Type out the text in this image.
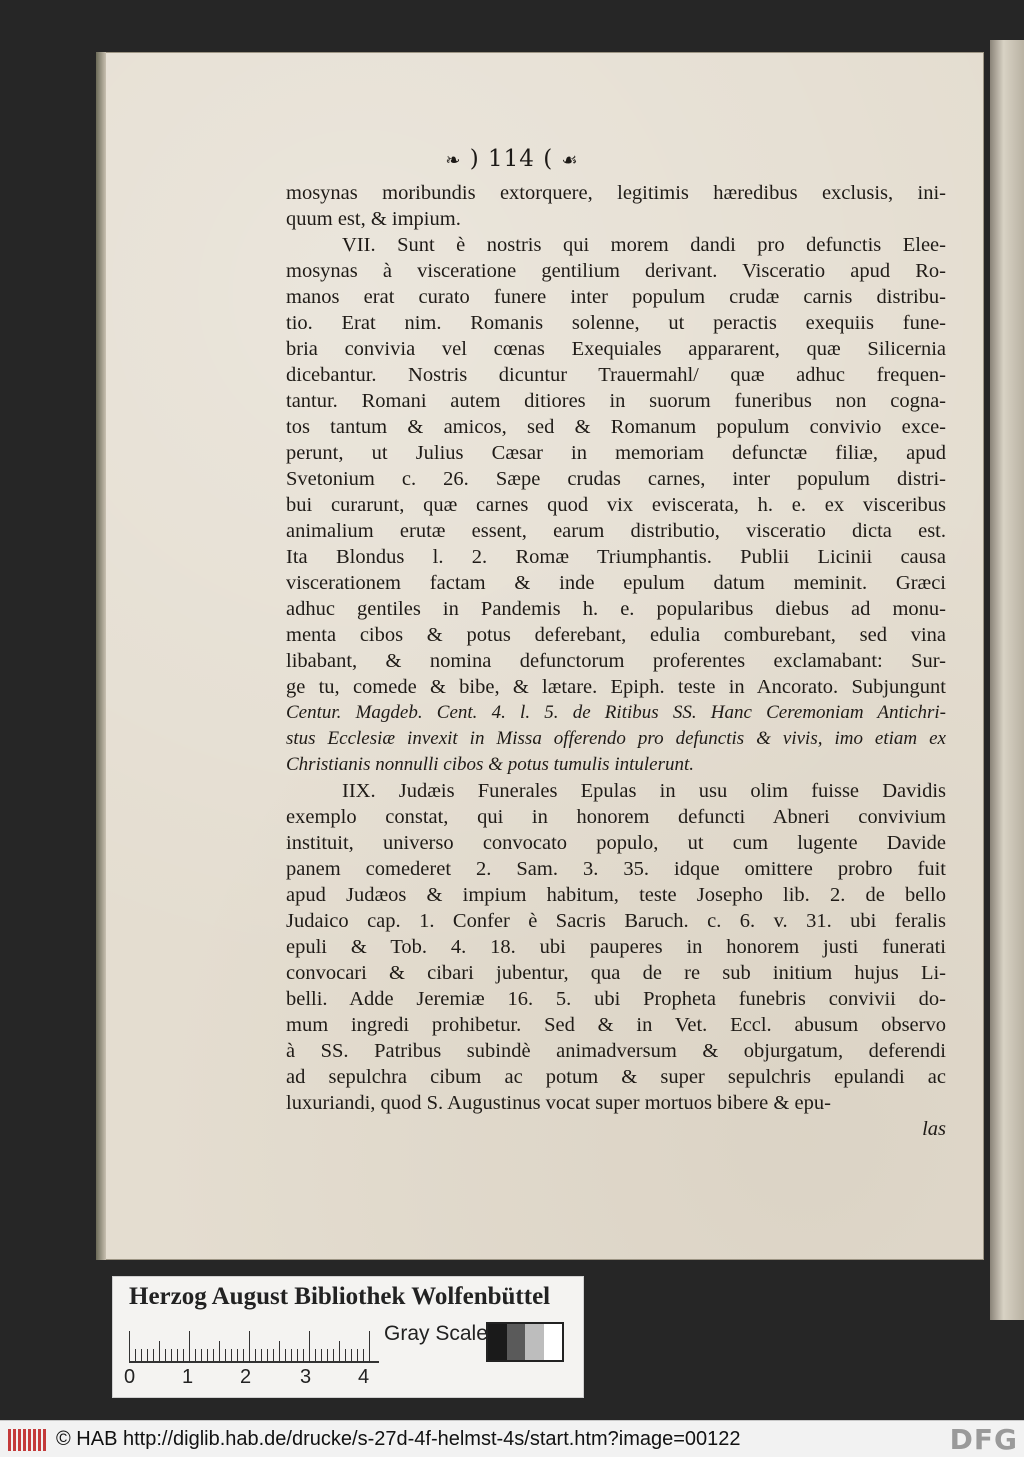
❧ ) 114 ( ☙
mosynas moribundis extorquere, legitimis hæredibus exclusis, ini-
quum est, & impium.
VII. Sunt è nostris qui morem dandi pro defunctis Elee-
mosynas à visceratione gentilium derivant. Visceratio apud Ro-
manos erat curato funere inter populum crudæ carnis distribu-
tio. Erat nim. Romanis solenne, ut peractis exequiis fune-
bria convivia vel cœnas Exequiales appararent, quæ Silicernia
dicebantur. Nostris dicuntur Trauermahl/ quæ adhuc frequen-
tantur. Romani autem ditiores in suorum funeribus non cognа-
tos tantum & amicos, sed & Romanum populum convivio exce-
perunt, ut Julius Cæsar in memoriam defunctæ filiæ, apud
Svetonium c. 26. Sæpe crudas carnes, inter populum distri-
bui curarunt, quæ carnes quod vix eviscerata, h. e. ex visceribus
animalium erutæ essent, earum distributio, visceratio dicta est.
Ita Blondus l. 2. Romæ Triumphantis. Publii Licinii causa
viscerationem factam & inde epulum datum meminit. Græci
adhuc gentiles in Pandemis h. e. popularibus diebus ad monu-
menta cibos & potus deferebant, edulia comburebant, sed vina
libabant, & nomina defunctorum proferentes exclamabant: Sur-
ge tu, comede & bibe, & lætare. Epiph. teste in Ancorato. Subjungunt
Centur. Magdeb. Cent. 4. l. 5. de Ritibus SS. Hanc Ceremoniam Antichri-
stus Ecclesiæ invexit in Missa offerendo pro defunctis & vivis, imo etiam ex
Christianis nonnulli cibos & potus tumulis intulerunt.
IIX. Judæis Funerales Epulas in usu olim fuisse Davidis
exemplo constat, qui in honorem defuncti Abneri convivium
instituit, universo convocato populo, ut cum lugente Davide
panem comederet 2. Sam. 3. 35. idque omittere probro fuit
apud Judæos & impium habitum, teste Josepho lib. 2. de bello
Judaico cap. 1. Confer è Sacris Baruch. c. 6. v. 31. ubi feralis
epuli & Tob. 4. 18. ubi pauperes in honorem justi funerati
convocari & cibari jubentur, qua de re sub initium hujus Li-
belli. Adde Jeremiæ 16. 5. ubi Propheta funebris convivii do-
mum ingredi prohibetur. Sed & in Vet. Eccl. abusum observo
à SS. Patribus subindè animadversum & objurgatum, deferendi
ad sepulchra cibum ac potum & super sepulchris epulandi ac
luxuriandi, quod S. Augustinus vocat super mortuos bibere & epu-
las
Herzog August Bibliothek Wolfenbüttel
0 1 2 3 4
Gray Scale
© HAB http://diglib.hab.de/drucke/s-27d-4f-helmst-4s/start.htm?image=00122	DFG
